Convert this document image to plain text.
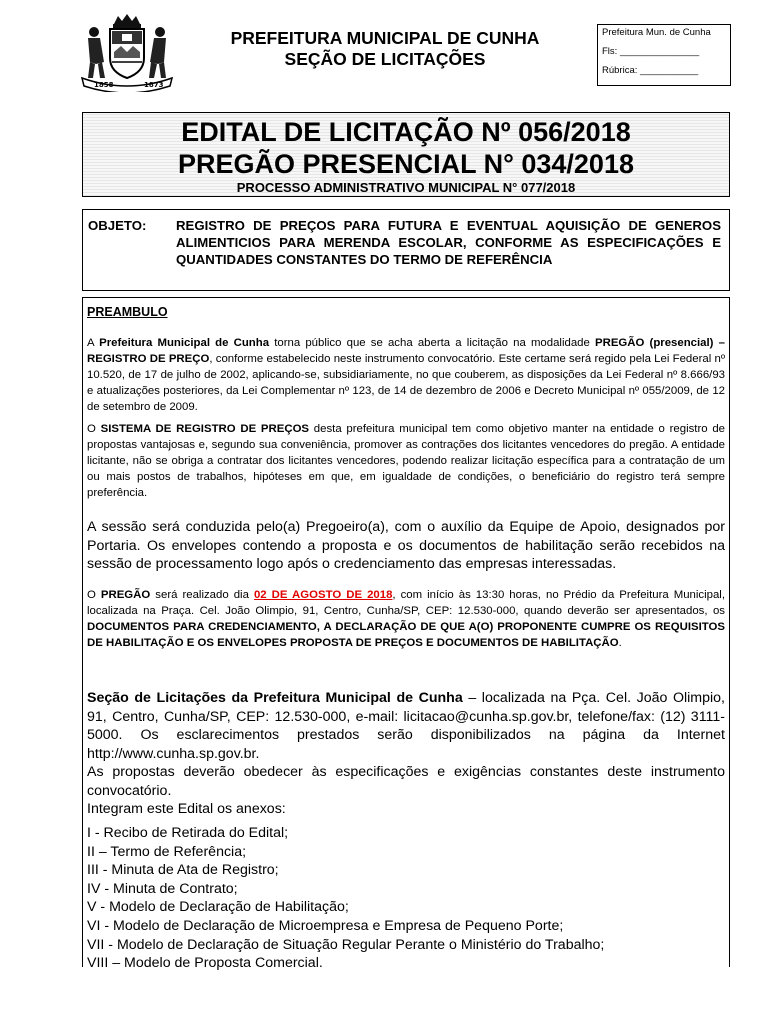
1858	1873
PREFEITURA MUNICIPAL DE CUNHA
SEÇÃO DE LICITAÇÕES
Prefeitura Mun. de Cunha
Fls: _______________
Rúbrica: ___________
EDITAL DE LICITAÇÃO Nº 056/2018
PREGÃO PRESENCIAL N° 034/2018
PROCESSO ADMINISTRATIVO MUNICIPAL N° 077/2018
OBJETO: REGISTRO DE PREÇOS PARA FUTURA E EVENTUAL AQUISIÇÃO DE GENEROS ALIMENTICIOS PARA MERENDA ESCOLAR, CONFORME AS ESPECIFICAÇÕES E QUANTIDADES CONSTANTES DO TERMO DE REFERÊNCIA
PREAMBULO
A Prefeitura Municipal de Cunha torna público que se acha aberta a licitação na modalidade PREGÃO (presencial) – REGISTRO DE PREÇO, conforme estabelecido neste instrumento convocatório. Este certame será regido pela Lei Federal nº 10.520, de 17 de julho de 2002, aplicando-se, subsidiariamente, no que couberem, as disposições da Lei Federal nº 8.666/93 e atualizações posteriores, da Lei Complementar nº 123, de 14 de dezembro de 2006 e Decreto Municipal nº 055/2009, de 12 de setembro de 2009.
O SISTEMA DE REGISTRO DE PREÇOS desta prefeitura municipal tem como objetivo manter na entidade o registro de propostas vantajosas e, segundo sua conveniência, promover as contrações dos licitantes vencedores do pregão. A entidade licitante, não se obriga a contratar dos licitantes vencedores, podendo realizar licitação específica para a contratação de um ou mais postos de trabalhos, hipóteses em que, em igualdade de condições, o beneficiário do registro terá sempre preferência.
A sessão será conduzida pelo(a) Pregoeiro(a), com o auxílio da Equipe de Apoio, designados por Portaria. Os envelopes contendo a proposta e os documentos de habilitação serão recebidos na sessão de processamento logo após o credenciamento das empresas interessadas.
O PREGÃO será realizado dia 02 DE AGOSTO DE 2018, com início às 13:30 horas, no Prédio da Prefeitura Municipal, localizada na Praça. Cel. João Olimpio, 91, Centro, Cunha/SP, CEP: 12.530-000, quando deverão ser apresentados, os DOCUMENTOS PARA CREDENCIAMENTO, A DECLARAÇÃO DE QUE A(O) PROPONENTE CUMPRE OS REQUISITOS DE HABILITAÇÃO E OS ENVELOPES PROPOSTA DE PREÇOS E DOCUMENTOS DE HABILITAÇÃO.
Seção de Licitações da Prefeitura Municipal de Cunha – localizada na Pça. Cel. João Olimpio, 91, Centro, Cunha/SP, CEP: 12.530-000, e-mail: licitacao@cunha.sp.gov.br, telefone/fax: (12) 3111-5000. Os esclarecimentos prestados serão disponibilizados na página da Internet http://www.cunha.sp.gov.br.
As propostas deverão obedecer às especificações e exigências constantes deste instrumento convocatório.
Integram este Edital os anexos:
I - Recibo de Retirada do Edital;
II – Termo de Referência;
III - Minuta de Ata de Registro;
IV - Minuta de Contrato;
V - Modelo de Declaração de Habilitação;
VI - Modelo de Declaração de Microempresa e Empresa de Pequeno Porte;
VII - Modelo de Declaração de Situação Regular Perante o Ministério do Trabalho;
VIII – Modelo de Proposta Comercial.
